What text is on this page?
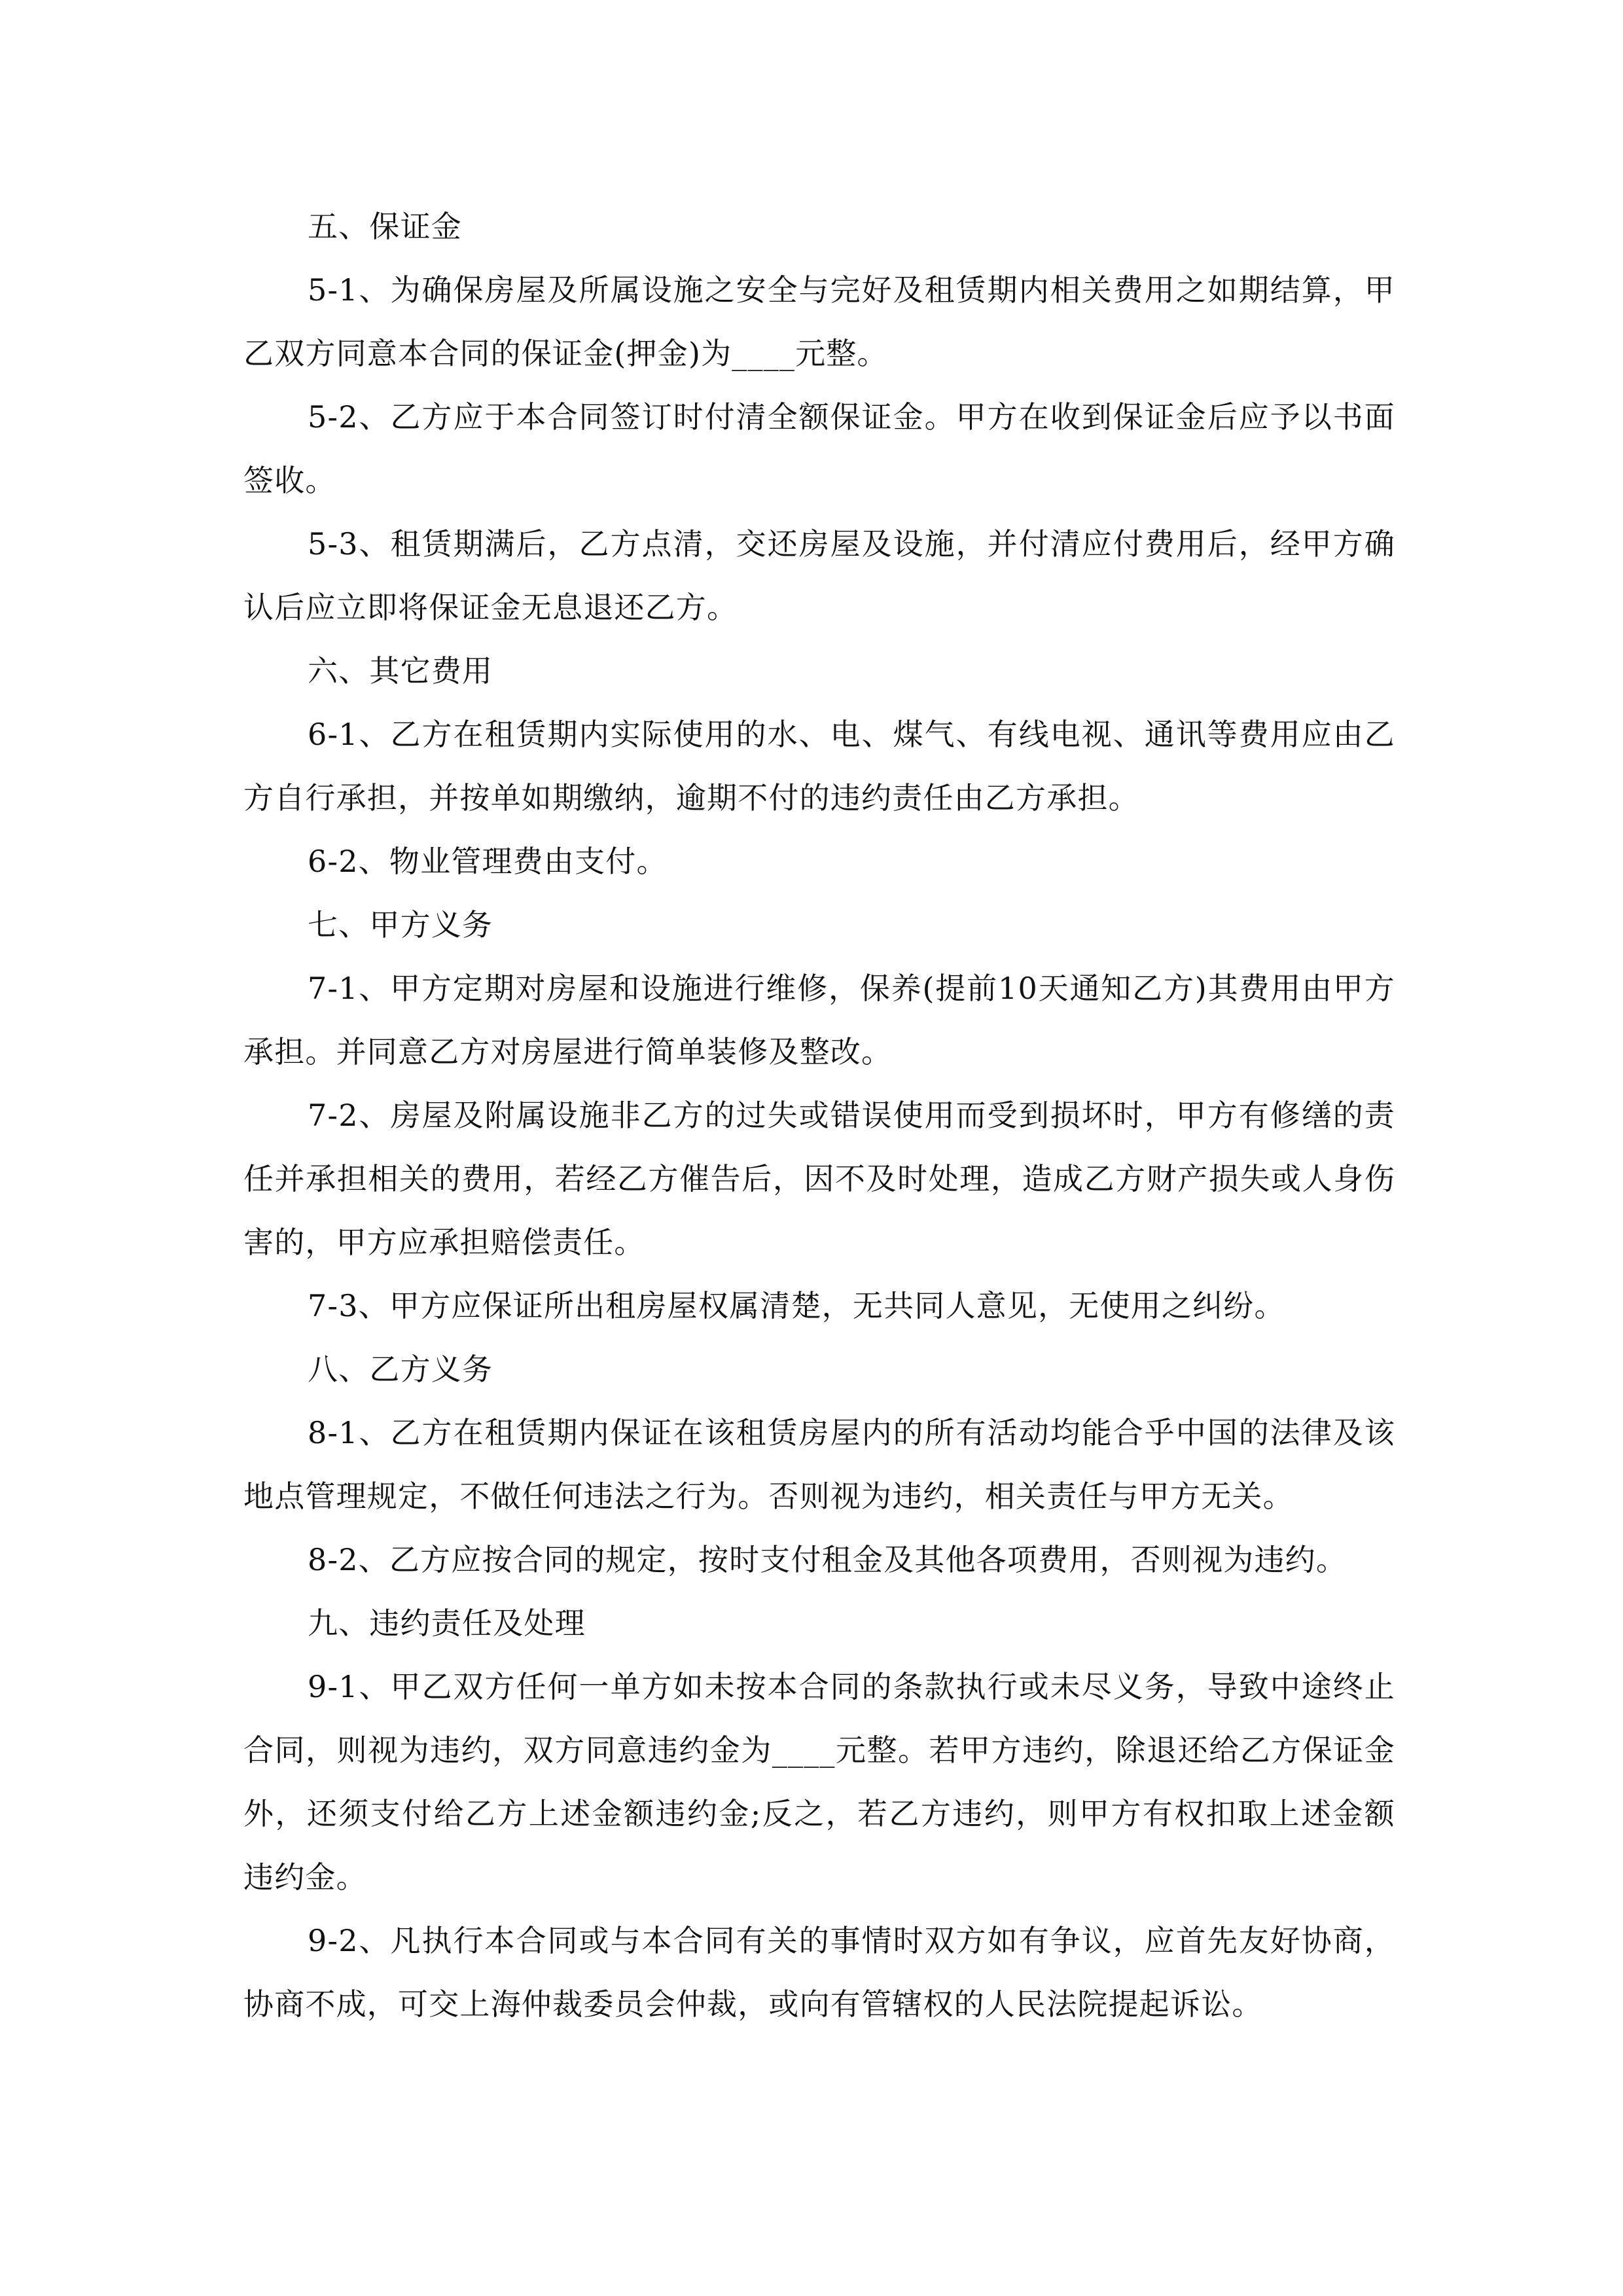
五、保证金

5-1、为确保房屋及所属设施之安全与完好及租赁期内相关费用之如期结算，甲乙双方同意本合同的保证金(押金)为____元整。

5-2、乙方应于本合同签订时付清全额保证金。甲方在收到保证金后应予以书面签收。

5-3、租赁期满后，乙方点清，交还房屋及设施，并付清应付费用后，经甲方确认后应立即将保证金无息退还乙方。

六、其它费用

6-1、乙方在租赁期内实际使用的水、电、煤气、有线电视、通讯等费用应由乙方自行承担，并按单如期缴纳，逾期不付的违约责任由乙方承担。

6-2、物业管理费由支付。

七、甲方义务

7-1、甲方定期对房屋和设施进行维修，保养(提前10天通知乙方)其费用由甲方承担。并同意乙方对房屋进行简单装修及整改。

7-2、房屋及附属设施非乙方的过失或错误使用而受到损坏时，甲方有修缮的责任并承担相关的费用，若经乙方催告后，因不及时处理，造成乙方财产损失或人身伤害的，甲方应承担赔偿责任。

7-3、甲方应保证所出租房屋权属清楚，无共同人意见，无使用之纠纷。

八、乙方义务

8-1、乙方在租赁期内保证在该租赁房屋内的所有活动均能合乎中国的法律及该地点管理规定，不做任何违法之行为。否则视为违约，相关责任与甲方无关。

8-2、乙方应按合同的规定，按时支付租金及其他各项费用，否则视为违约。

九、违约责任及处理

9-1、甲乙双方任何一单方如未按本合同的条款执行或未尽义务，导致中途终止合同，则视为违约，双方同意违约金为____元整。若甲方违约，除退还给乙方保证金外，还须支付给乙方上述金额违约金;反之，若乙方违约，则甲方有权扣取上述金额违约金。

9-2、凡执行本合同或与本合同有关的事情时双方如有争议，应首先友好协商，协商不成，可交上海仲裁委员会仲裁，或向有管辖权的人民法院提起诉讼。
